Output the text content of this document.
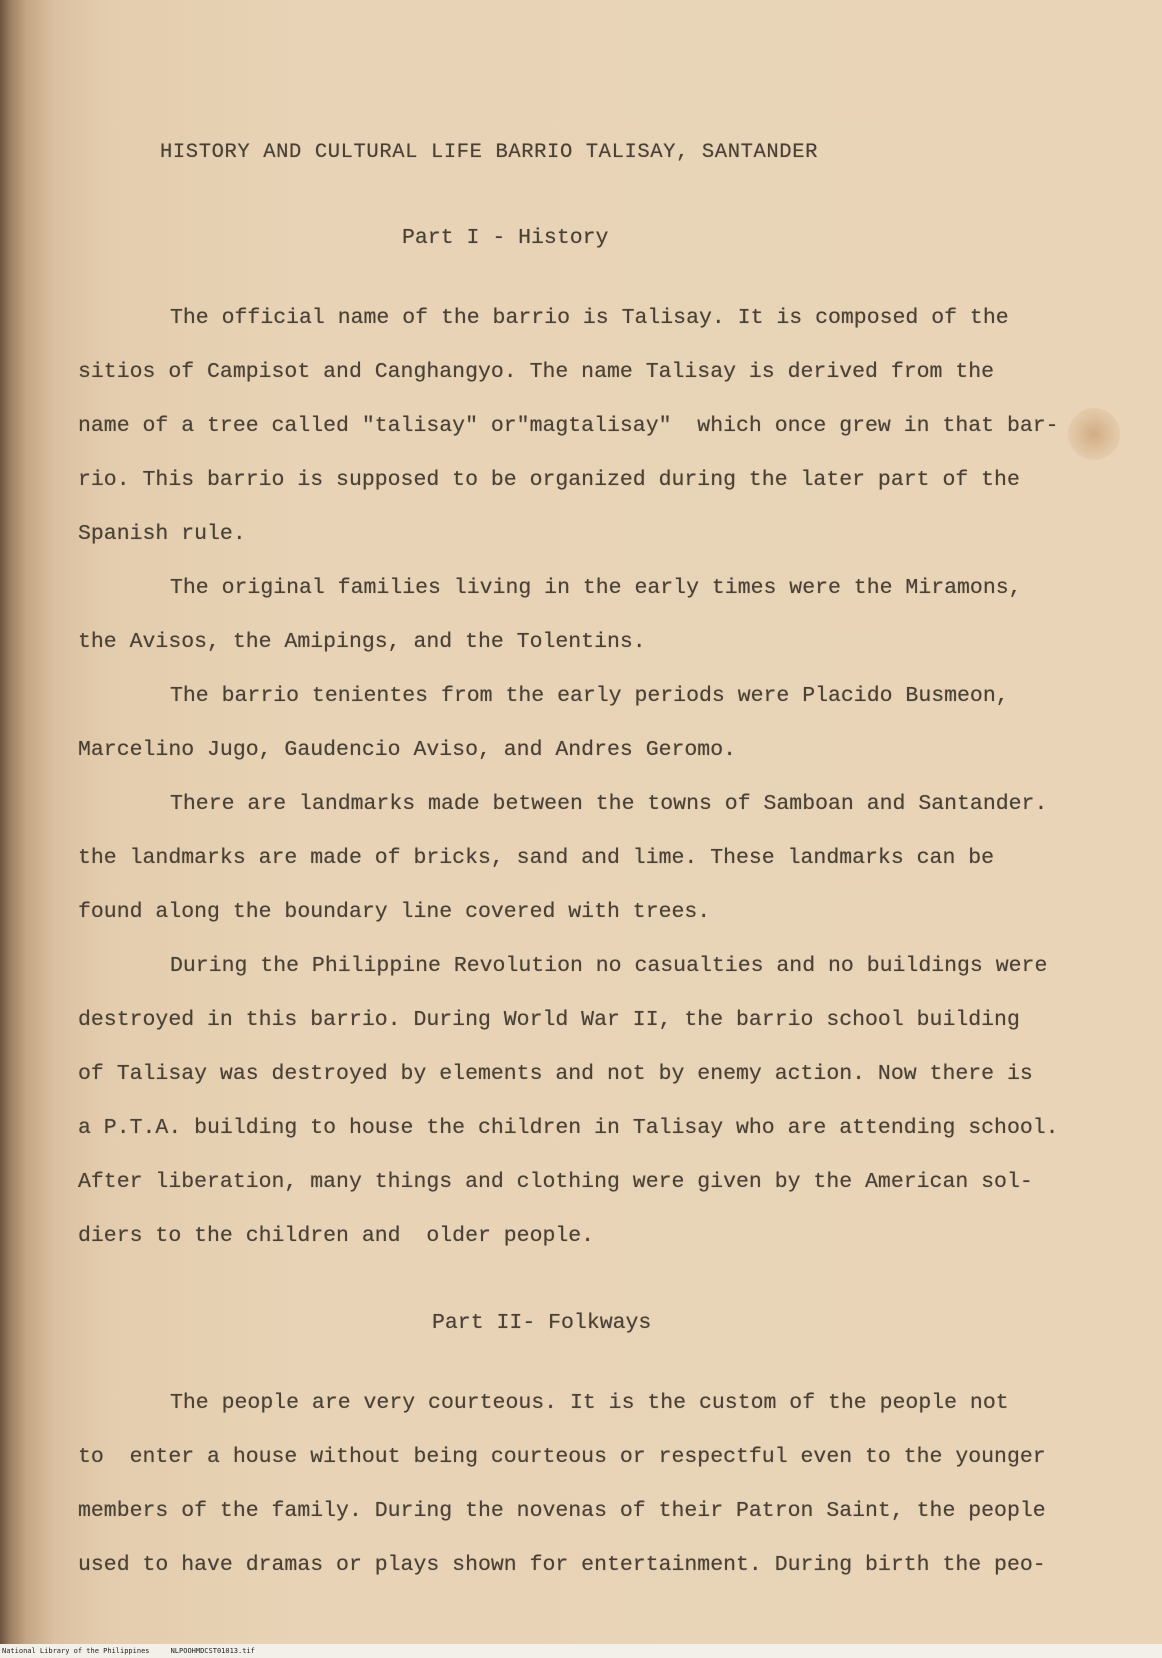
HISTORY AND CULTURAL LIFE BARRIO TALISAY, SANTANDER
Part I - History
The official name of the barrio is Talisay. It is composed of the
sitios of Campisot and Canghangyo. The name Talisay is derived from the
name of a tree called "talisay" or"magtalisay"  which once grew in that bar-
rio. This barrio is supposed to be organized during the later part of the
Spanish rule.
The original families living in the early times were the Miramons,
the Avisos, the Amipings, and the Tolentins.
The barrio tenientes from the early periods were Placido Busmeon,
Marcelino Jugo, Gaudencio Aviso, and Andres Geromo.
There are landmarks made between the towns of Samboan and Santander.
the landmarks are made of bricks, sand and lime. These landmarks can be
found along the boundary line covered with trees.
During the Philippine Revolution no casualties and no buildings were
destroyed in this barrio. During World War II, the barrio school building
of Talisay was destroyed by elements and not by enemy action. Now there is
a P.T.A. building to house the children in Talisay who are attending school.
After liberation, many things and clothing were given by the American sol-
diers to the children and  older people.
Part II- Folkways
The people are very courteous. It is the custom of the people not
to  enter a house without being courteous or respectful even to the younger
members of the family. During the novenas of their Patron Saint, the people
used to have dramas or plays shown for entertainment. During birth the peo-
National Library of the Philippines	NLPOOHMDCST01013.tif
